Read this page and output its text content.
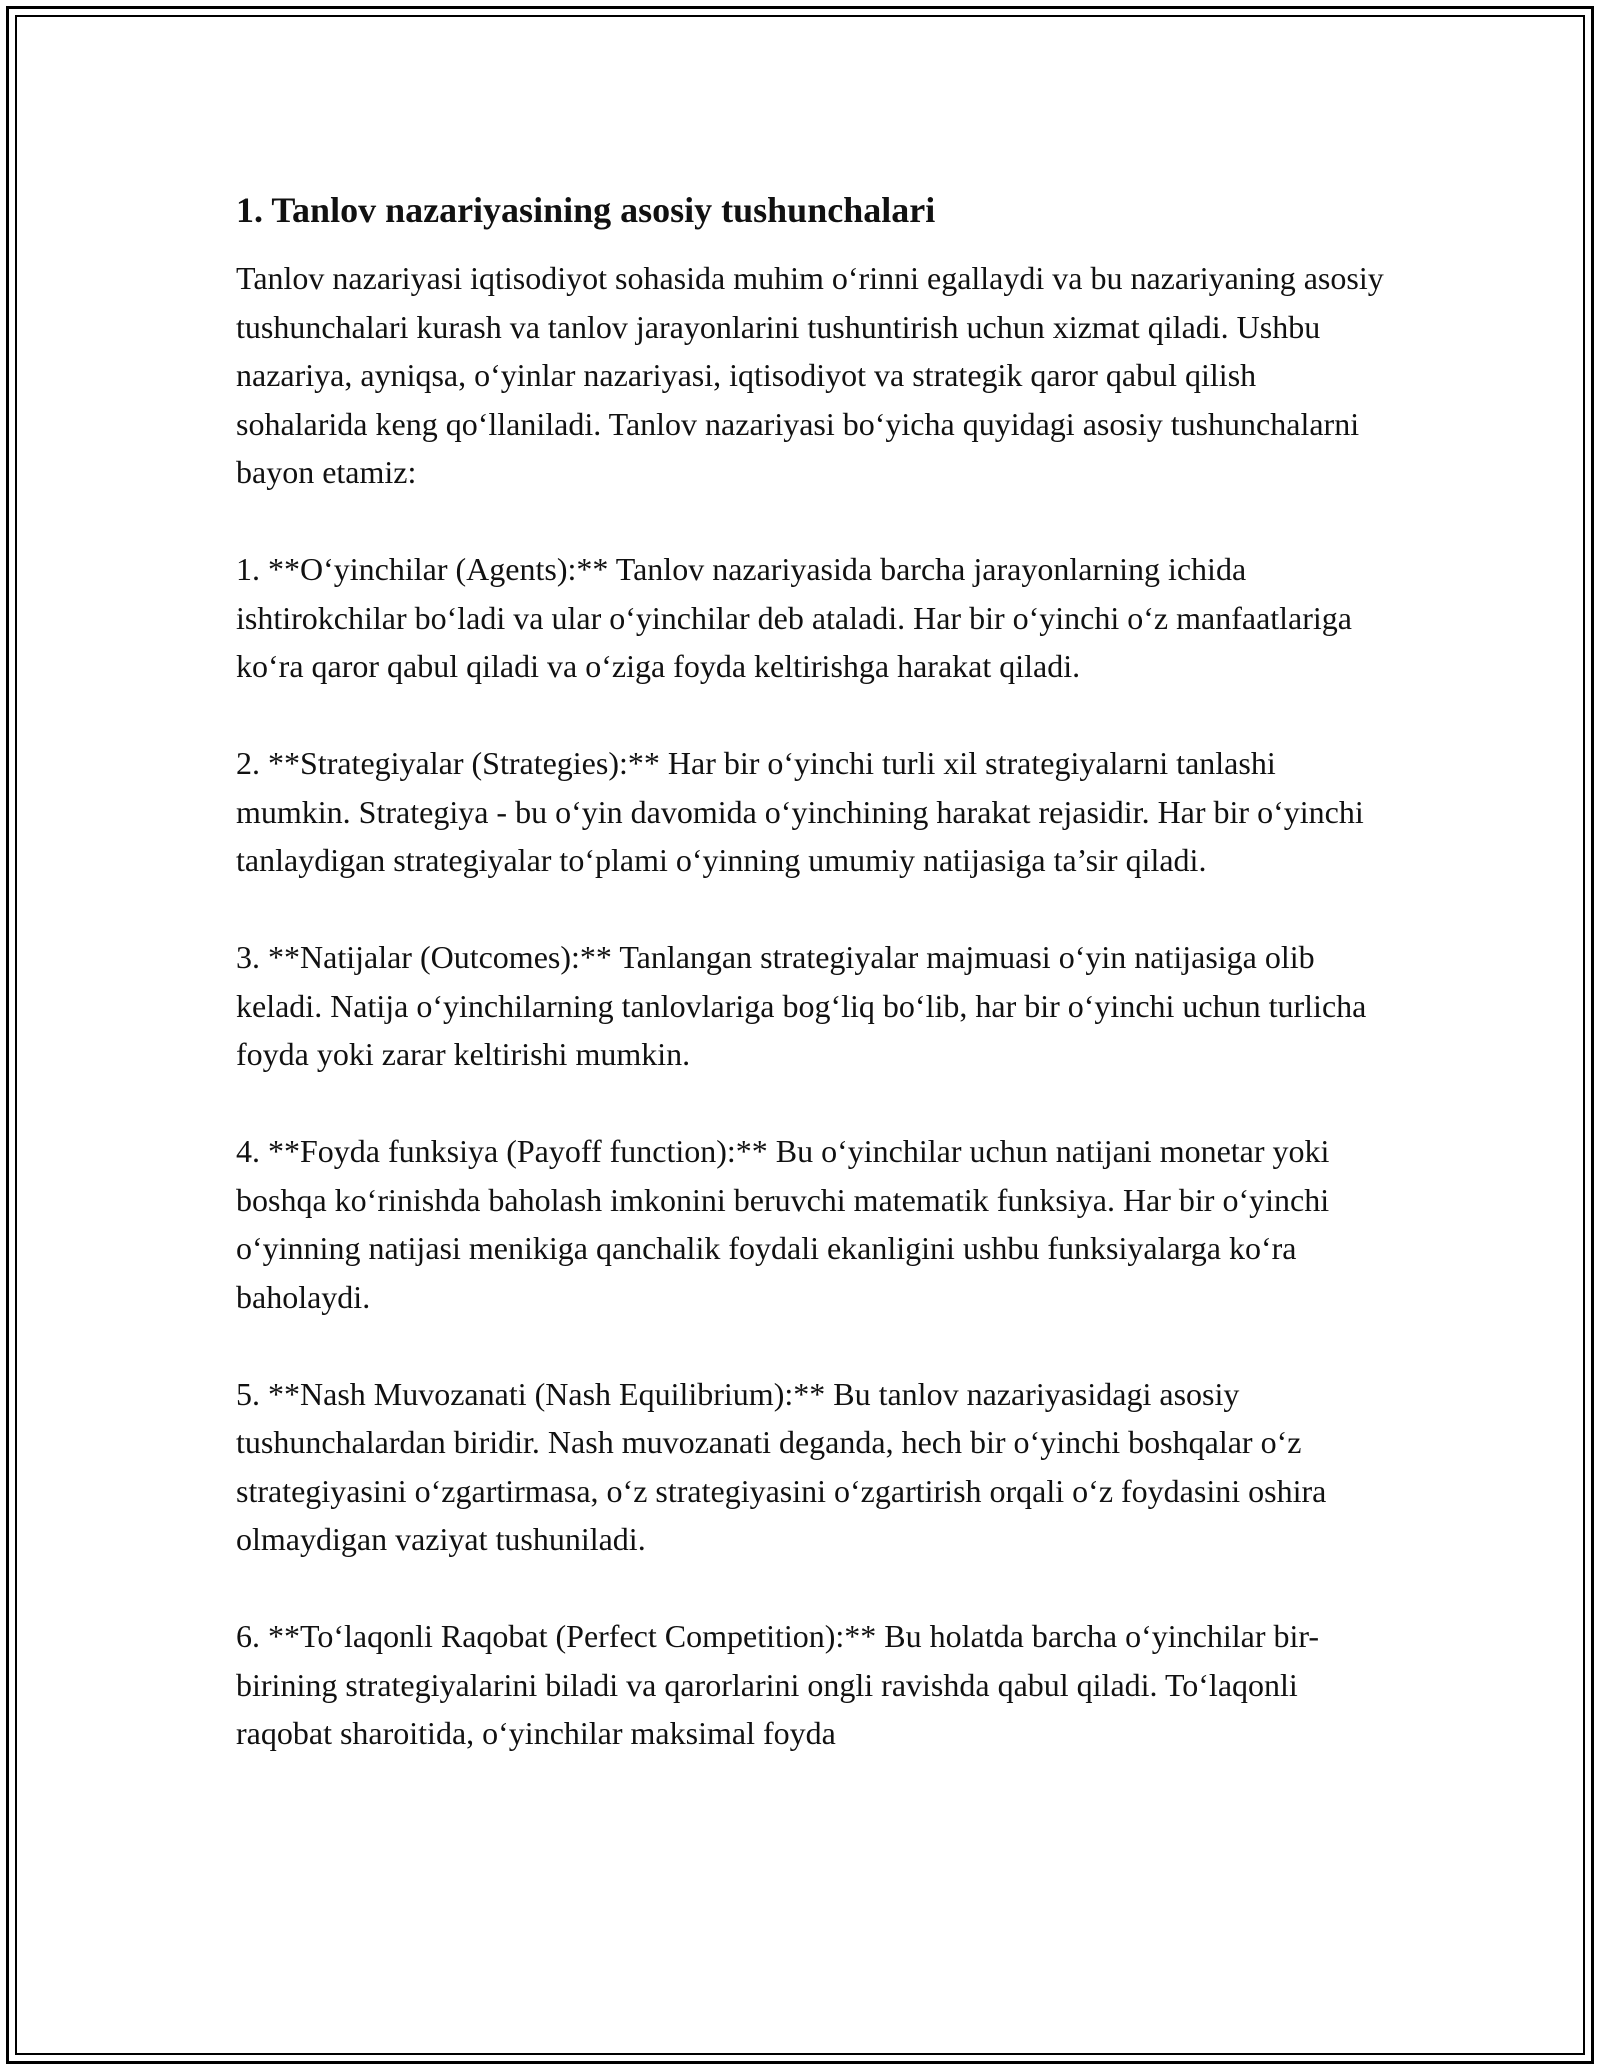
1. Tanlov nazariyasining asosiy tushunchalari

Tanlov nazariyasi iqtisodiyot sohasida muhim o‘rinni egallaydi va bu nazariyaning asosiy tushunchalari kurash va tanlov jarayonlarini tushuntirish uchun xizmat qiladi. Ushbu nazariya, ayniqsa, o‘yinlar nazariyasi, iqtisodiyot va strategik qaror qabul qilish sohalarida keng qo‘llaniladi. Tanlov nazariyasi bo‘yicha quyidagi asosiy tushunchalarni bayon etamiz:

1. **O‘yinchilar (Agents):** Tanlov nazariyasida barcha jarayonlarning ichida ishtirokchilar bo‘ladi va ular o‘yinchilar deb ataladi. Har bir o‘yinchi o‘z manfaatlariga ko‘ra qaror qabul qiladi va o‘ziga foyda keltirishga harakat qiladi.

2. **Strategiyalar (Strategies):** Har bir o‘yinchi turli xil strategiyalarni tanlashi mumkin. Strategiya - bu o‘yin davomida o‘yinchining harakat rejasidir. Har bir o‘yinchi tanlaydigan strategiyalar to‘plami o‘yinning umumiy natijasiga ta’sir qiladi.

3. **Natijalar (Outcomes):** Tanlangan strategiyalar majmuasi o‘yin natijasiga olib keladi. Natija o‘yinchilarning tanlovlariga bog‘liq bo‘lib, har bir o‘yinchi uchun turlicha foyda yoki zarar keltirishi mumkin.

4. **Foyda funksiya (Payoff function):** Bu o‘yinchilar uchun natijani monetar yoki boshqa ko‘rinishda baholash imkonini beruvchi matematik funksiya. Har bir o‘yinchi o‘yinning natijasi menikiga qanchalik foydali ekanligini ushbu funksiyalarga ko‘ra baholaydi.

5. **Nash Muvozanati (Nash Equilibrium):** Bu tanlov nazariyasidagi asosiy tushunchalardan biridir. Nash muvozanati deganda, hech bir o‘yinchi boshqalar o‘z strategiyasini o‘zgartirmasa, o‘z strategiyasini o‘zgartirish orqali o‘z foydasini oshira olmaydigan vaziyat tushuniladi.

6. **To‘laqonli Raqobat (Perfect Competition):** Bu holatda barcha o‘yinchilar bir-birining strategiyalarini biladi va qarorlarini ongli ravishda qabul qiladi. To‘laqonli raqobat sharoitida, o‘yinchilar maksimal foyda
